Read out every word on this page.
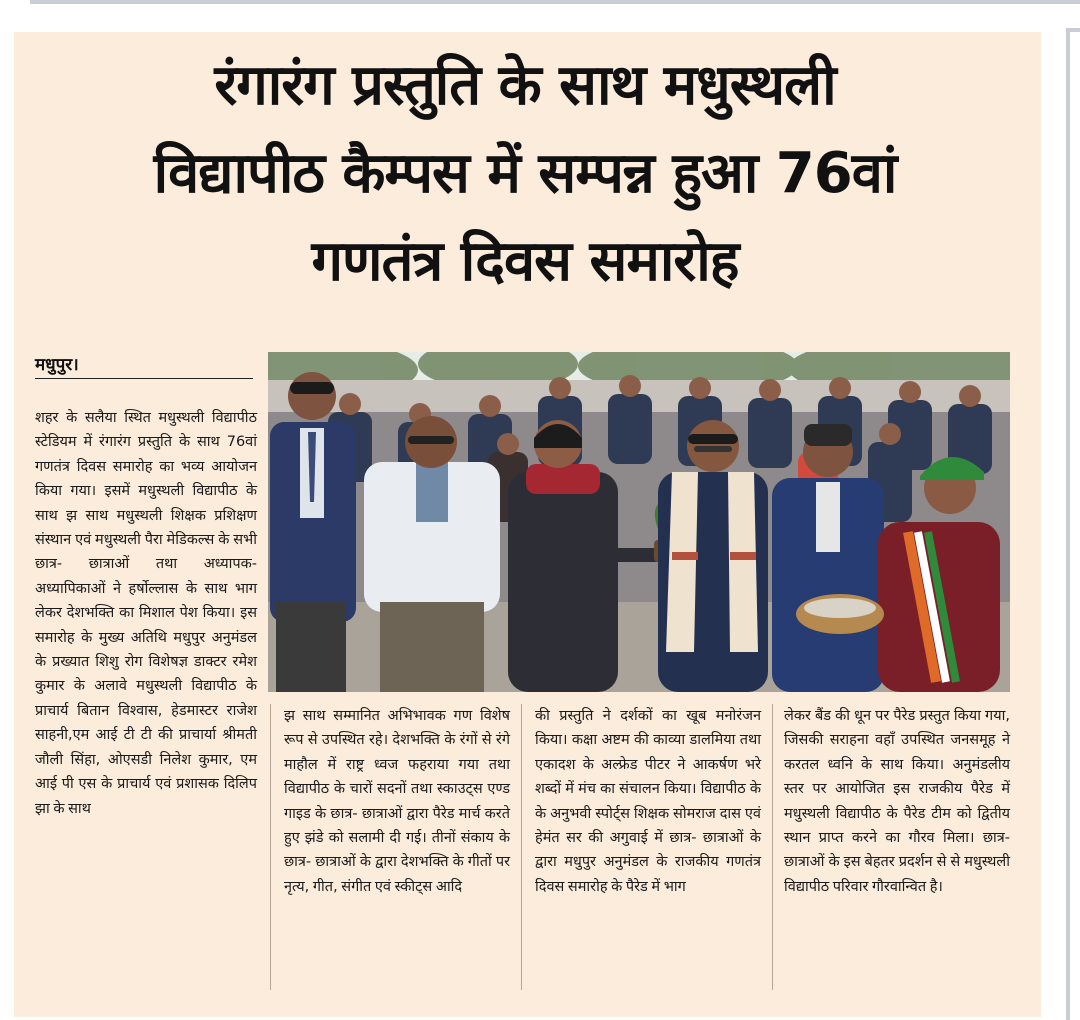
रंगारंग प्रस्तुति के साथ मधुस्थली
विद्यापीठ कैम्पस में सम्पन्न हुआ 76वां
गणतंत्र दिवस समारोह
मधुपुर।

शहर के सलैया स्थित मधुस्थली विद्यापीठ स्टेडियम में रंगारंग प्रस्तुति के साथ 76वां गणतंत्र दिवस समारोह का भव्य आयोजन किया गया। इसमें मधुस्थली विद्यापीठ के साथ झ साथ मधुस्थली शिक्षक प्रशिक्षण संस्थान एवं मधुस्थली पैरा मेडिकल्स के सभी छात्र- छात्राओं तथा अध्यापक- अध्यापिकाओं ने हर्षोल्लास के साथ भाग लेकर देशभक्ति का मिशाल पेश किया। इस समारोह के मुख्य अतिथि मधुपुर अनुमंडल के प्रख्यात शिशु रोग विशेषज्ञ डाक्टर रमेश कुमार के अलावे मधुस्थली विद्यापीठ के प्राचार्य बितान विश्वास, हेडमास्टर राजेश साहनी,एम आई टी टी की प्राचार्या श्रीमती जौली सिंहा, ओएसडी निलेश कुमार, एम आई पी एस के प्राचार्य एवं प्रशासक दिलिप झा के साथ

झ साथ सम्मानित अभिभावक गण विशेष रूप से उपस्थित रहे। देशभक्ति के रंगों से रंगे माहौल में राष्ट्र ध्वज फहराया गया तथा विद्यापीठ के चारों सदनों तथा स्काउट्स एण्ड गाइड के छात्र- छात्राओं द्वारा पैरेड मार्च करते हुए झंडे को सलामी दी गई। तीनों संकाय के छात्र- छात्राओं के द्वारा देशभक्ति के गीतों पर नृत्य, गीत, संगीत एवं स्कीट्स आदि

की प्रस्तुति ने दर्शकों का खूब मनोरंजन किया। कक्षा अष्टम की काव्या डालमिया तथा एकादश के अल्फ्रेड पीटर ने आकर्षण भरे शब्दों में मंच का संचालन किया। विद्यापीठ के के अनुभवी स्पोर्ट्स शिक्षक सोमराज दास एवं हेमंत सर की अगुवाई में छात्र- छात्राओं के द्वारा मधुपुर अनुमंडल के राजकीय गणतंत्र दिवस समारोह के पैरेड में भाग

लेकर बैंड की धून पर पैरेड प्रस्तुत किया गया, जिसकी सराहना वहाँ उपस्थित जनसमूह ने करतल ध्वनि के साथ किया। अनुमंडलीय स्तर पर आयोजित इस राजकीय पैरेड में मधुस्थली विद्यापीठ के पैरेड टीम को द्वितीय स्थान प्राप्त करने का गौरव मिला। छात्र- छात्राओं के इस बेहतर प्रदर्शन से से मधुस्थली विद्यापीठ परिवार गौरवान्वित है।
